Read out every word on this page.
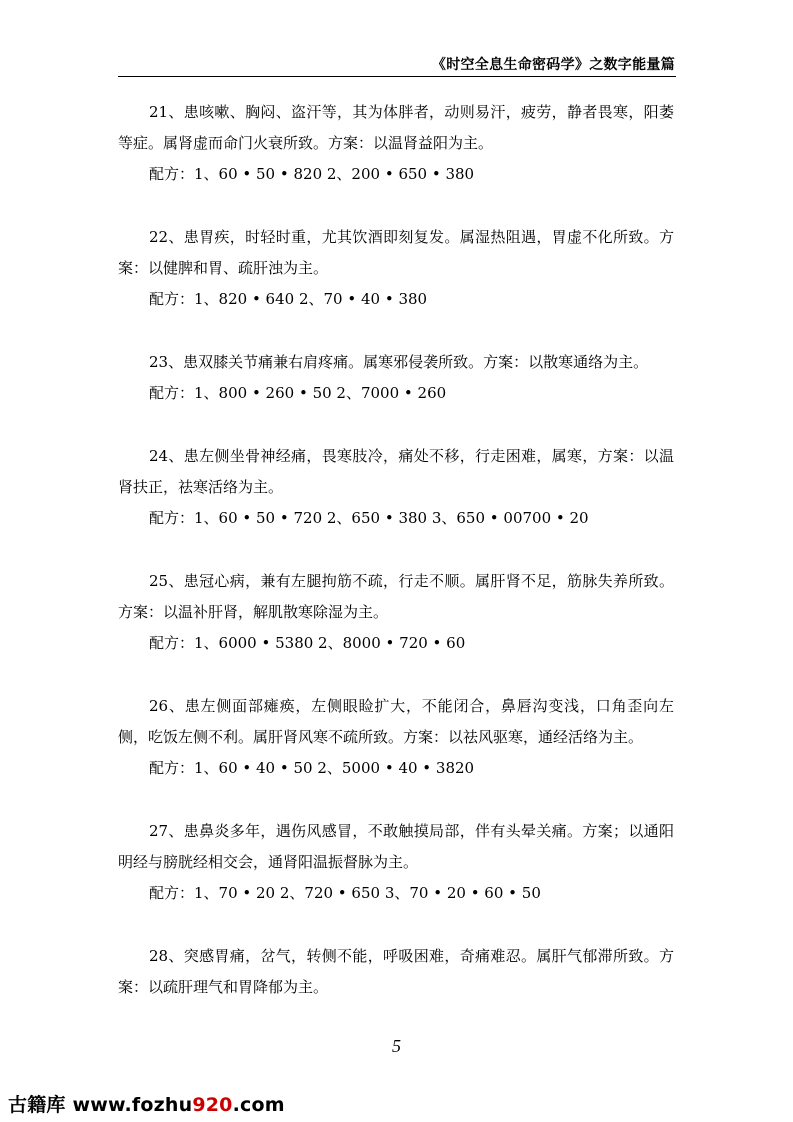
《时空全息生命密码学》之数字能量篇

21、患咳嗽、胸闷、盗汗等，其为体胖者，动则易汗，疲劳，静者畏寒，阳萎等症。属肾虚而命门火衰所致。方案：以温肾益阳为主。

配方：1、60 • 50 • 820 2、200 • 650 • 380

22、患胃疾，时轻时重，尤其饮酒即刻复发。属湿热阻遇，胃虚不化所致。方案：以健脾和胃、疏肝浊为主。

配方：1、820 • 640 2、70 • 40 • 380

23、患双膝关节痛兼右肩疼痛。属寒邪侵袭所致。方案：以散寒通络为主。

配方：1、800 • 260 • 50 2、7000 • 260

24、患左侧坐骨神经痛，畏寒肢冷，痛处不移，行走困难，属寒，方案：以温肾扶正，祛寒活络为主。

配方：1、60 • 50 • 720 2、650 • 380 3、650 • 00700 • 20

25、患冠心病，兼有左腿拘筋不疏，行走不顺。属肝肾不足，筋脉失养所致。方案：以温补肝肾，解肌散寒除湿为主。

配方：1、6000 • 5380 2、8000 • 720 • 60

26、患左侧面部瘫痪，左侧眼睑扩大，不能闭合，鼻唇沟变浅，口角歪向左侧，吃饭左侧不利。属肝肾风寒不疏所致。方案：以祛风驱寒，通经活络为主。

配方：1、60 • 40 • 50 2、5000 • 40 • 3820

27、患鼻炎多年，遇伤风感冒，不敢触摸局部，伴有头晕关痛。方案；以通阳明经与膀胱经相交会，通肾阳温振督脉为主。

配方：1、70 • 20 2、720 • 650 3、70 • 20 • 60 • 50

28、突感胃痛，岔气，转侧不能，呼吸困难，奇痛难忍。属肝气郁滞所致。方案：以疏肝理气和胃降郁为主。

5
古籍库 www.fozhu920.com
